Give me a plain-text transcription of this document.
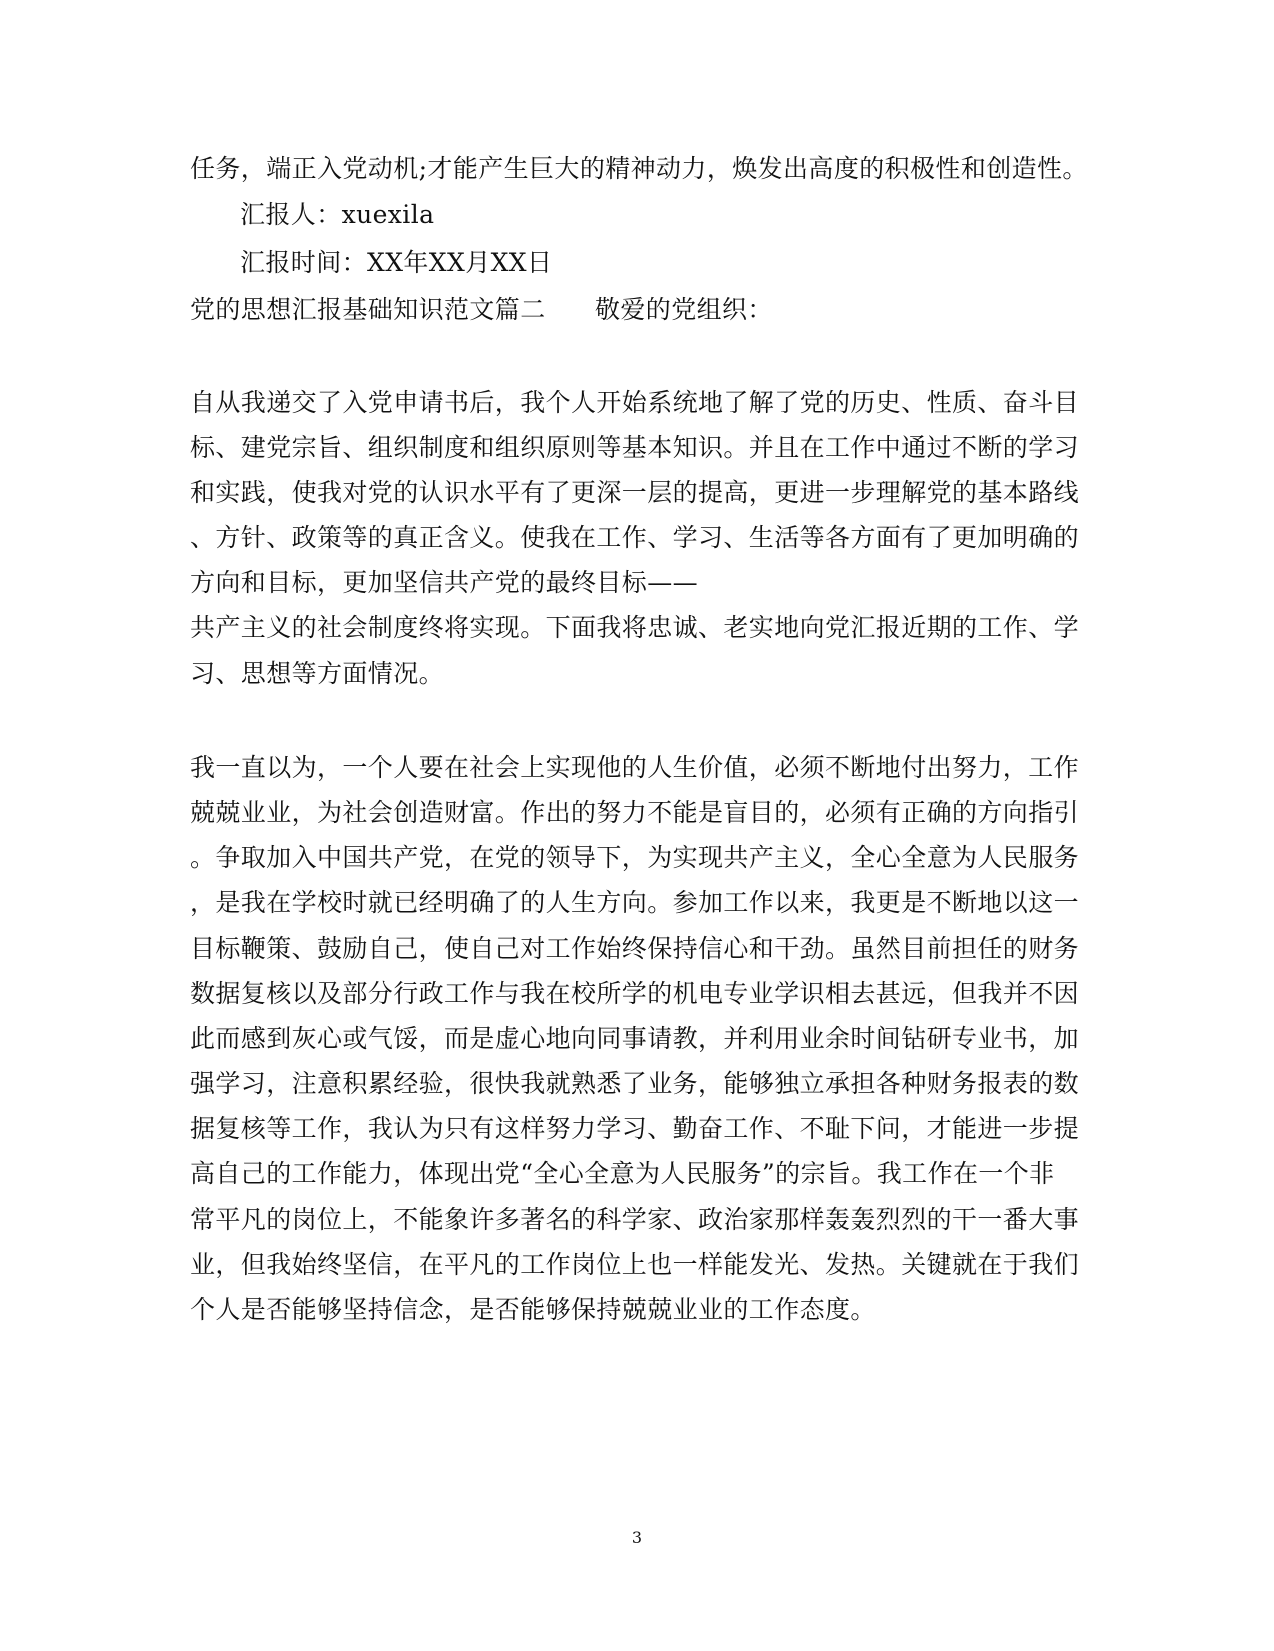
任务，端正入党动机;才能产生巨大的精神动力，焕发出高度的积极性和创造性。
汇报人：xuexila
汇报时间：XX年XX月XX日
党的思想汇报基础知识范文篇二 敬爱的党组织：
自从我递交了入党申请书后，我个人开始系统地了解了党的历史、性质、奋斗目
标、建党宗旨、组织制度和组织原则等基本知识。并且在工作中通过不断的学习
和实践，使我对党的认识水平有了更深一层的提高，更进一步理解党的基本路线
、方针、政策等的真正含义。使我在工作、学习、生活等各方面有了更加明确的
方向和目标，更加坚信共产党的最终目标——
共产主义的社会制度终将实现。下面我将忠诚、老实地向党汇报近期的工作、学
习、思想等方面情况。
我一直以为，一个人要在社会上实现他的人生价值，必须不断地付出努力，工作
兢兢业业，为社会创造财富。作出的努力不能是盲目的，必须有正确的方向指引
。争取加入中国共产党，在党的领导下，为实现共产主义，全心全意为人民服务
，是我在学校时就已经明确了的人生方向。参加工作以来，我更是不断地以这一
目标鞭策、鼓励自己，使自己对工作始终保持信心和干劲。虽然目前担任的财务
数据复核以及部分行政工作与我在校所学的机电专业学识相去甚远，但我并不因
此而感到灰心或气馁，而是虚心地向同事请教，并利用业余时间钻研专业书，加
强学习，注意积累经验，很快我就熟悉了业务，能够独立承担各种财务报表的数
据复核等工作，我认为只有这样努力学习、勤奋工作、不耻下问，才能进一步提
高自己的工作能力，体现出党“全心全意为人民服务”的宗旨。我工作在一个非
常平凡的岗位上，不能象许多著名的科学家、政治家那样轰轰烈烈的干一番大事
业，但我始终坚信，在平凡的工作岗位上也一样能发光、发热。关键就在于我们
个人是否能够坚持信念，是否能够保持兢兢业业的工作态度。
3
